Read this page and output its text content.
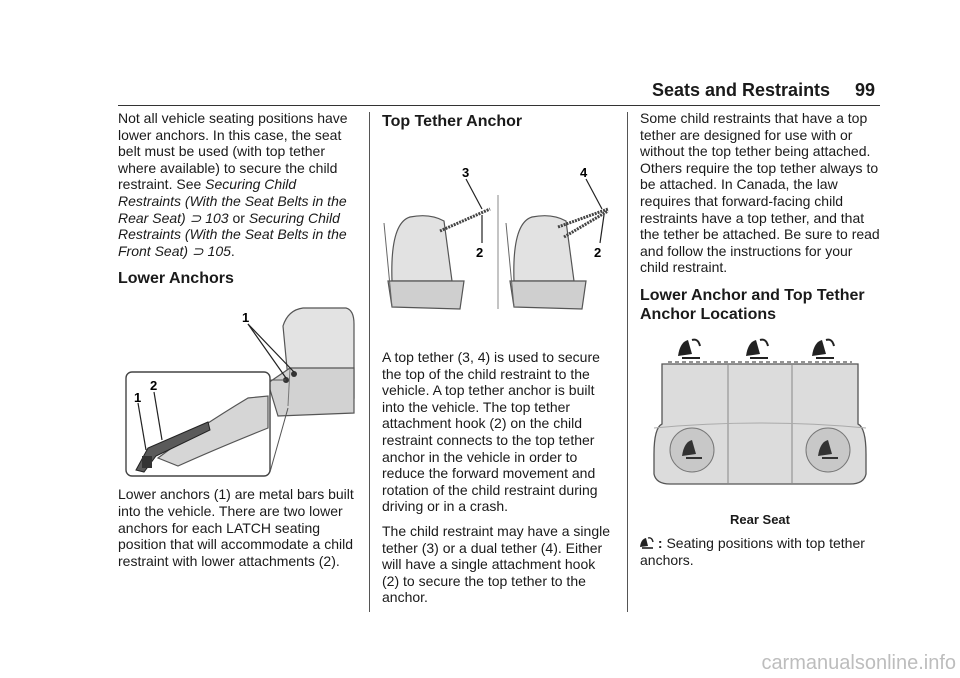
Seats and Restraints 99

Not all vehicle seating positions have lower anchors. In this case, the seat belt must be used (with top tether where available) to secure the child restraint. See Securing Child Restraints (With the Seat Belts in the Rear Seat) ⊃ 103 or Securing Child Restraints (With the Seat Belts in the Front Seat) ⊃ 105.

Lower Anchors
1
1
2

Lower anchors (1) are metal bars built into the vehicle. There are two lower anchors for each LATCH seating position that will accommodate a child restraint with lower attachments (2).

Top Tether Anchor
3
2
4
2

A top tether (3, 4) is used to secure the top of the child restraint to the vehicle. A top tether anchor is built into the vehicle. The top tether attachment hook (2) on the child restraint connects to the top tether anchor in the vehicle in order to reduce the forward movement and rotation of the child restraint during driving or in a crash.

The child restraint may have a single tether (3) or a dual tether (4). Either will have a single attachment hook (2) to secure the top tether to the anchor.

Some child restraints that have a top tether are designed for use with or without the top tether being attached. Others require the top tether always to be attached. In Canada, the law requires that forward-facing child restraints have a top tether, and that the tether be attached. Be sure to read and follow the instructions for your child restraint.

Lower Anchor and Top Tether Anchor Locations
Rear Seat
: Seating positions with top tether anchors.
carmanualsonline.info
